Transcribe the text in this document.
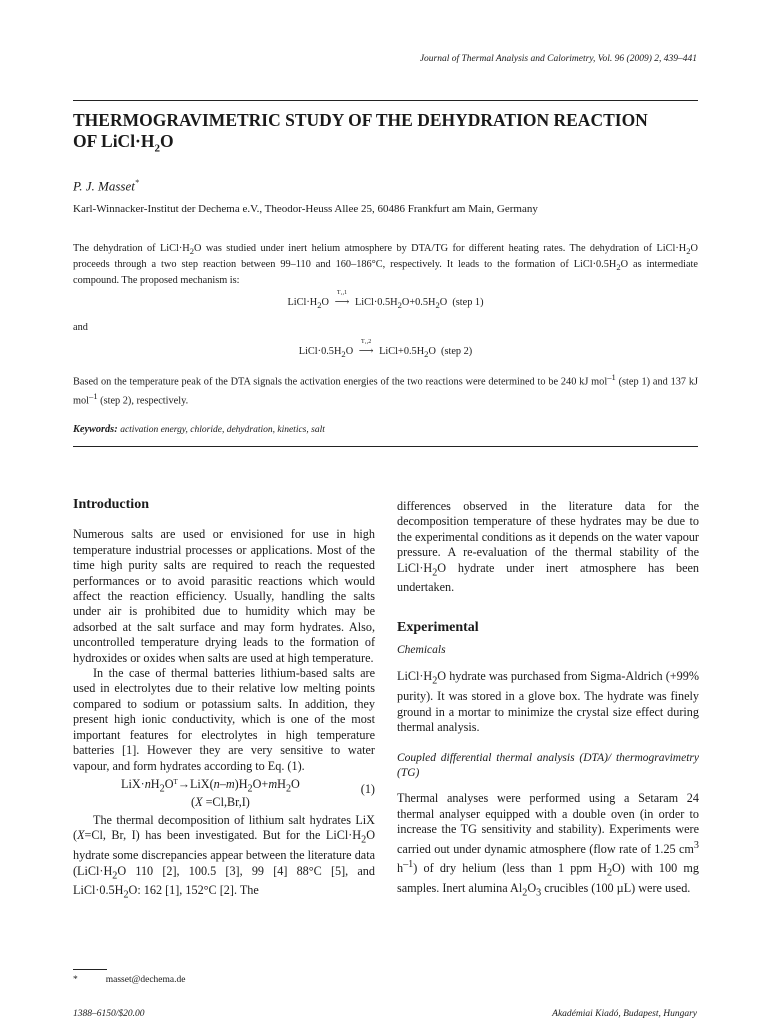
Journal of Thermal Analysis and Calorimetry, Vol. 96 (2009) 2, 439–441
THERMOGRAVIMETRIC STUDY OF THE DEHYDRATION REACTION
OF $LiCl\cdot H_2O$
P. J. Masset*
Karl-Winnacker-Institut der Dechema e.V., Theodor-Heuss Allee 25, 60486 Frankfurt am Main, Germany
The dehydration of $LiCl\cdot H_2O$ was studied under inert helium atmosphere by DTA/TG for different heating rates. The dehydration of $LiCl\cdot H_2O$ proceeds through a two step reaction between 99–110 and 160–186°C, respectively. It leads to the formation of $LiCl\cdot 0.5H_2O$ as intermediate compound. The proposed mechanism is:
$LiCl\cdot H_2O$
T₁,1
⟶ $LiCl\cdot 0.5H_2O+0.5H_2O$  (step 1)
and
$LiCl\cdot 0.5H_2O$
T₁,2
⟶ $LiCl+0.5H_2O$  (step 2)
Based on the temperature peak of the DTA signals the activation energies of the two reactions were determined to be 240 kJ mol$^{-1}$ (step 1) and 137 kJ mol$^{-1}$ (step 2), respectively.
Keywords: activation energy, chloride, dehydration, kinetics, salt
Introduction

Numerous salts are used or envisioned for use in high temperature industrial processes or applications. Most of the time high purity salts are required to reach the requested performances or to avoid parasitic reactions which would affect the reaction efficiency. Usually, handling the salts under air is prohibited due to humidity which may be adsorbed at the salt surface and may form hydrates. Also, uncontrolled temperature drying leads to the formation of hydroxides or oxides when salts are used at high temperature.

In the case of thermal batteries lithium-based salts are used in electrolytes due to their relative low melting points compared to sodium or potassium salts. In addition, they present high ionic conductivity, which is one of the most important features for electrolytes in high temperature batteries [1]. However they are very sensitive to water vapour, and form hydrates according to Eq. (1).

$LiX\cdot nH_2O^T\to LiX(n-m)H_2O+mH_2O$	(1)
(X =Cl,Br,I)

The thermal decomposition of lithium salt hydrates LiX (X=Cl, Br, I) has been investigated. But for the $LiCl\cdot H_2O$ hydrate some discrepancies appear between the literature data ($LiCl\cdot H_2O$ 110 [2], 100.5 [3], 99 [4] 88°C [5], and $LiCl\cdot 0.5H_2O$: 162 [1], 152°C [2]. The

differences observed in the literature data for the decomposition temperature of these hydrates may be due to the experimental conditions as it depends on the water vapour pressure. A re-evaluation of the thermal stability of the $LiCl\cdot H_2O$ hydrate under inert atmosphere has been undertaken.

Experimental
Chemicals

$LiCl\cdot H_2O$ hydrate was purchased from Sigma-Aldrich (+99% purity). It was stored in a glove box. The hydrate was finely ground in a mortar to minimize the crystal size effect during thermal analysis.

Coupled differential thermal analysis (DTA)/ thermogravimetry (TG)

Thermal analyses were performed using a Setaram 24 thermal analyser equipped with a double oven (in order to increase the TG sensitivity and stability). Experiments were carried out under dynamic atmosphere (flow rate of 1.25 $cm^3$ $h^{-1}$) of dry helium (less than 1 ppm $H_2O$) with 100 mg samples. Inert alumina $Al_2O_3$ crucibles (100 µL) were used.

*	masset@dechema.de
1388–6150/$20.00	Akadémiai Kiadó, Budapest, Hungary
